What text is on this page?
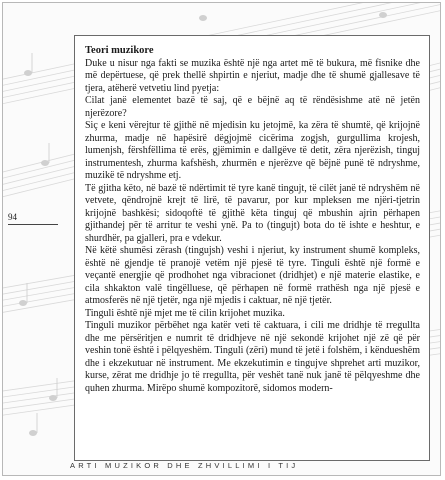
94

Teori muzikore

Duke u nisur nga fakti se muzika është një nga artet më të bukura, më fisnike dhe më depërtuese, që prek thellë shpirtin e njeriut, madje dhe të shumë gjallesave të tjera, atëherë vetvetiu lind pyetja:

Cilat janë elementet bazë të saj, që e bëjnë aq të rëndësishme atë në jetën njerëzore?

Siç e keni vërejtur të gjithë në mjedisin ku jetojmë, ka zëra të shumtë, që krijojnë zhurma, madje në hapësirë dëgjojmë cicërima zogjsh, gurgullima krojesh, lumenjsh, fërshfëllima të erës, gjëmimin e dallgëve të detit, zëra njerëzish, tinguj instrumentesh, zhurma kafshësh, zhurmën e njerëzve që bëjnë punë të ndryshme, muzikë të ndryshme etj.

Të gjitha këto, në bazë të ndërtimit të tyre kanë tingujt, të cilët janë të ndryshëm në vetvete, qëndrojnë krejt të lirë, të pavarur, por kur mpleksen me njëri-tjetrin krijojnë bashkësi; sidoqoftë të gjithë këta tinguj që mbushin ajrin përhapen gjithandej për të arritur te veshi ynë. Pa to (tingujt) bota do të ishte e heshtur, e shurdhër, pa gjalleri, pra e vdekur.

Në këtë shumësi zërash (tingujsh) veshi i njeriut, ky instrument shumë kompleks, është në gjendje të pranojë vetëm një pjesë të tyre. Tinguli është një formë e veçantë energjie që prodhohet nga vibracionet (dridhjet) e një materie elastike, e cila shkakton valë tingëlluese, që përhapen në formë rrathësh nga një pjesë e atmosferës në një tjetër, nga një mjedis i caktuar, në një tjetër.

Tinguli është një mjet me të cilin krijohet muzika.

Tinguli muzikor përbëhet nga katër veti të caktuara, i cili me dridhje të rregullta dhe me përsëritjen e numrit të dridhjeve në një sekondë krijohet një zë që për veshin tonë është i pëlqyeshëm. Tinguli (zëri) mund të jetë i folshëm, i këndueshëm dhe i ekzekutuar në instrument. Me ekzekutimin e tingujve shprehet arti muzikor, kurse, zërat me dridhje jo të rregullta, për veshët tanë nuk janë të pëlqyeshme dhe quhen zhurma. Mirëpo shumë kompozitorë, sidomos modern-

ARTI MUZIKOR DHE ZHVILLIMI I TIJ
